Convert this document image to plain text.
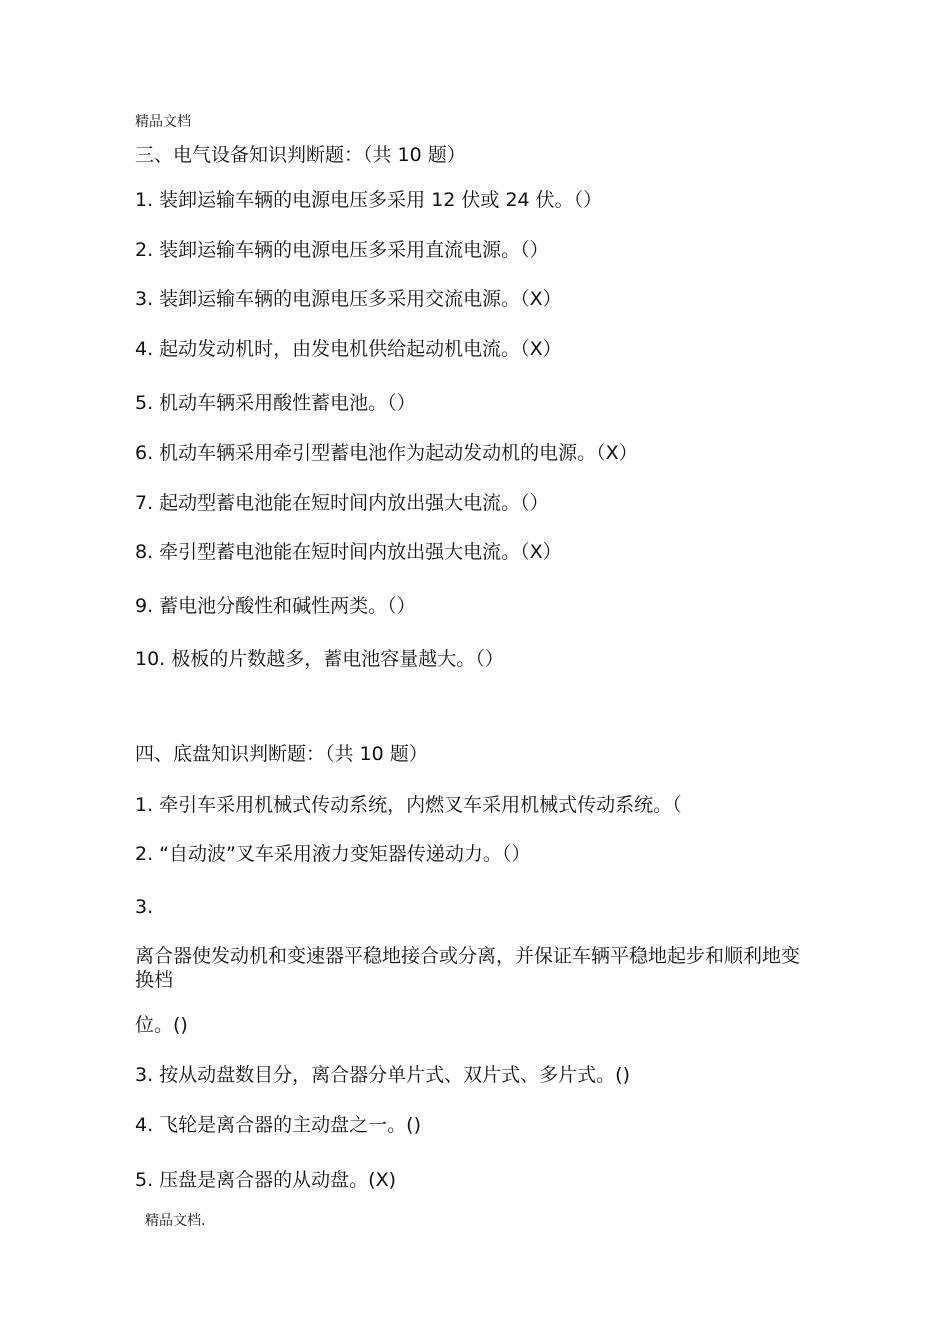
精品文档
三、电气设备知识判断题：（共 10 题）
1. 装卸运输车辆的电源电压多采用 12 伏或 24 伏。（）
2. 装卸运输车辆的电源电压多采用直流电源。（）
3. 装卸运输车辆的电源电压多采用交流电源。（X）
4. 起动发动机时，由发电机供给起动机电流。（X）
5. 机动车辆采用酸性蓄电池。（）
6. 机动车辆采用牵引型蓄电池作为起动发动机的电源。（X）
7. 起动型蓄电池能在短时间内放出强大电流。（）
8. 牵引型蓄电池能在短时间内放出强大电流。（X）
9. 蓄电池分酸性和碱性两类。（）
10. 极板的片数越多，蓄电池容量越大。（）
四、底盘知识判断题：（共 10 题）
1. 牵引车采用机械式传动系统，内燃叉车采用机械式传动系统。（
2. “自动波”叉车采用液力变矩器传递动力。（）
3.
离合器使发动机和变速器平稳地接合或分离，并保证车辆平稳地起步和顺利地变换档
位。()
3. 按从动盘数目分，离合器分单片式、双片式、多片式。()
4. 飞轮是离合器的主动盘之一。()
5. 压盘是离合器的从动盘。(X)
精品文档.
